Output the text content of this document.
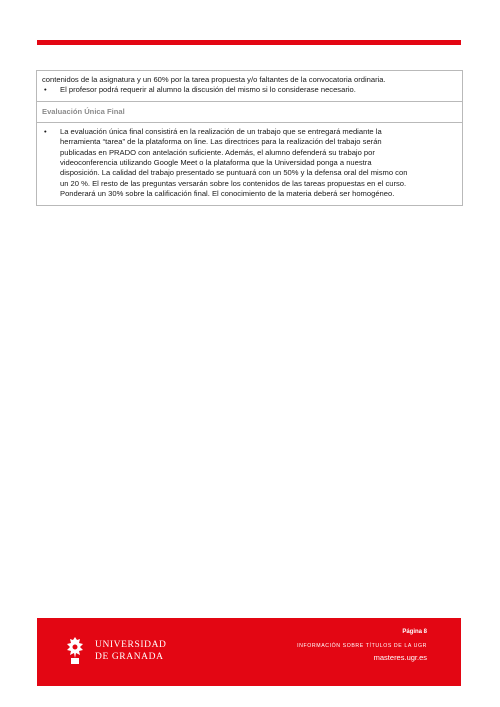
contenidos de la asignatura y un 60% por la tarea propuesta y/o faltantes de la convocatoria ordinaria.
•	El profesor podrá requerir al alumno la discusión del mismo si lo considerase necesario.
Evaluación Única Final
•	La evaluación única final consistirá en la realización de un trabajo que se entregará mediante la
herramienta “tarea” de la plataforma on line. Las directrices para la realización del trabajo serán
publicadas en PRADO con antelación suficiente. Además, el alumno defenderá su trabajo por
videoconferencia utilizando Google Meet o la plataforma que la Universidad ponga a nuestra
disposición. La calidad del trabajo presentado se puntuará con un 50% y la defensa oral del mismo con
un 20 %. El resto de las preguntas versarán sobre los contenidos de las tareas propuestas en el curso.
Ponderará un 30% sobre la calificación final. El conocimiento de la materia deberá ser homogéneo.
UNIVERSIDAD
DE GRANADA
Página 8
INFORMACIÓN SOBRE TÍTULOS DE LA UGR
masteres.ugr.es
